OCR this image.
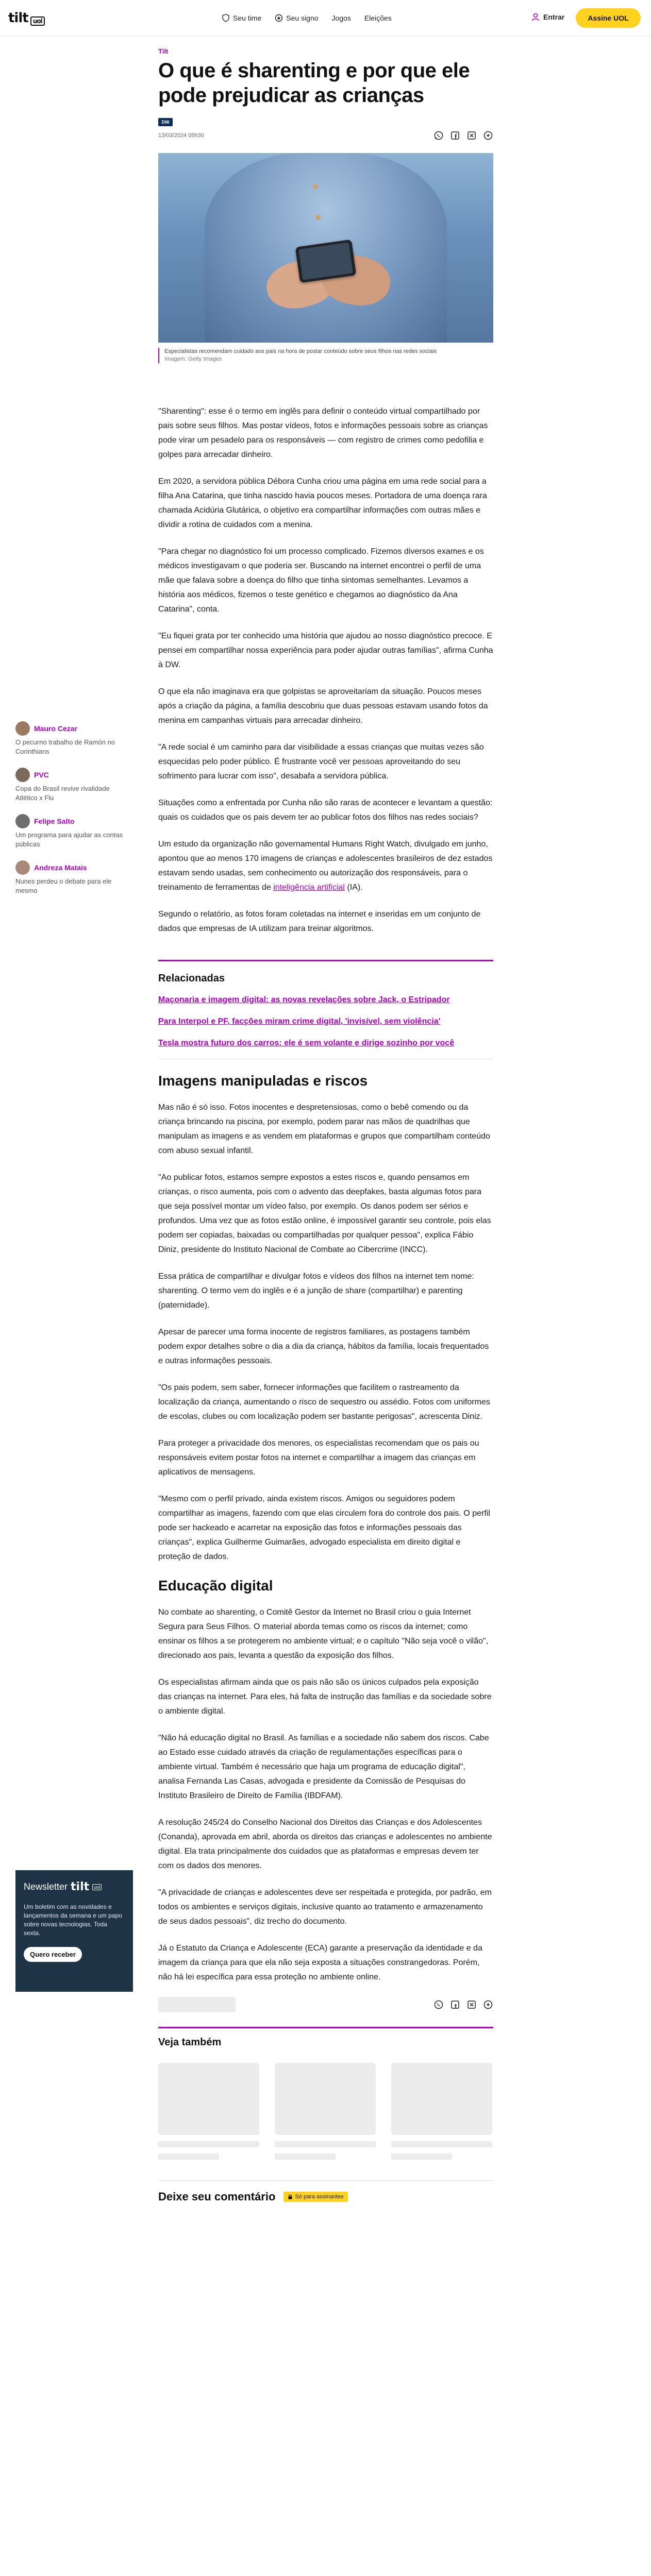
tilt uol	Seu time	Seu signo Jogos Eleições	Entrar	Assine UOL
Mauro Cezar
O pecurno trabalho de Ramón no Corinthians
PVC
Copa do Brasil revive rivalidade Atlético x Flu
Felipe Salto
Um programa para ajudar as contas públicas
Andreza Matais
Nunes perdeu o debate para ele mesmo
Newsletter tilt	uol
Um boletim com as novidades e lançamentos da semana e um papo sobre novas tecnologias. Toda sexta.
Quero receber
Tilt
O que é sharenting e por que ele pode prejudicar as crianças
DW
13/03/2024 05h30
Especialistas recomendam cuidado aos pais na hora de postar conteúdo sobre seus filhos nas redes sociais
Imagem: Getty Images

"Sharenting": esse é o termo em inglês para definir o conteúdo virtual compartilhado por pais sobre seus filhos. Mas postar vídeos, fotos e informações pessoais sobre as crianças pode virar um pesadelo para os responsáveis — com registro de crimes como pedofilia e golpes para arrecadar dinheiro.

Em 2020, a servidora pública Débora Cunha criou uma página em uma rede social para a filha Ana Catarina, que tinha nascido havia poucos meses. Portadora de uma doença rara chamada Acidúria Glutárica, o objetivo era compartilhar informações com outras mães e dividir a rotina de cuidados com a menina.

"Para chegar no diagnóstico foi um processo complicado. Fizemos diversos exames e os médicos investigavam o que poderia ser. Buscando na internet encontrei o perfil de uma mãe que falava sobre a doença do filho que tinha sintomas semelhantes. Levamos a história aos médicos, fizemos o teste genético e chegamos ao diagnóstico da Ana Catarina", conta.

"Eu fiquei grata por ter conhecido uma história que ajudou ao nosso diagnóstico precoce. E pensei em compartilhar nossa experiência para poder ajudar outras famílias", afirma Cunha à DW.

O que ela não imaginava era que golpistas se aproveitariam da situação. Poucos meses após a criação da página, a família descobriu que duas pessoas estavam usando fotos da menina em campanhas virtuais para arrecadar dinheiro.

"A rede social é um caminho para dar visibilidade a essas crianças que muitas vezes são esquecidas pelo poder público. É frustrante você ver pessoas aproveitando do seu sofrimento para lucrar com isso", desabafa a servidora pública.

Situações como a enfrentada por Cunha não são raras de acontecer e levantam a questão: quais os cuidados que os pais devem ter ao publicar fotos dos filhos nas redes sociais?

Um estudo da organização não governamental Humans Right Watch, divulgado em junho, apontou que ao menos 170 imagens de crianças e adolescentes brasileiros de dez estados estavam sendo usadas, sem conhecimento ou autorização dos responsáveis, para o treinamento de ferramentas de inteligência artificial (IA).

Segundo o relatório, as fotos foram coletadas na internet e inseridas em um conjunto de dados que empresas de IA utilizam para treinar algoritmos.

Relacionadas
Maçonaria e imagem digital: as novas revelações sobre Jack, o Estripador
Para Interpol e PF, facções miram crime digital, 'invisível, sem violência'
Tesla mostra futuro dos carros: ele é sem volante e dirige sozinho por você
Imagens manipuladas e riscos

Mas não é só isso. Fotos inocentes e despretensiosas, como o bebê comendo ou da criança brincando na piscina, por exemplo, podem parar nas mãos de quadrilhas que manipulam as imagens e as vendem em plataformas e grupos que compartilham conteúdo com abuso sexual infantil.

"Ao publicar fotos, estamos sempre expostos a estes riscos e, quando pensamos em crianças, o risco aumenta, pois com o advento das deepfakes, basta algumas fotos para que seja possível montar um vídeo falso, por exemplo. Os danos podem ser sérios e profundos. Uma vez que as fotos estão online, é impossível garantir seu controle, pois elas podem ser copiadas, baixadas ou compartilhadas por qualquer pessoa", explica Fábio Diniz, presidente do Instituto Nacional de Combate ao Cibercrime (INCC).

Essa prática de compartilhar e divulgar fotos e vídeos dos filhos na internet tem nome: sharenting. O termo vem do inglês e é a junção de share (compartilhar) e parenting (paternidade).

Apesar de parecer uma forma inocente de registros familiares, as postagens também podem expor detalhes sobre o dia a dia da criança, hábitos da família, locais frequentados e outras informações pessoais.

"Os pais podem, sem saber, fornecer informações que facilitem o rastreamento da localização da criança, aumentando o risco de sequestro ou assédio. Fotos com uniformes de escolas, clubes ou com localização podem ser bastante perigosas", acrescenta Diniz.

Para proteger a privacidade dos menores, os especialistas recomendam que os pais ou responsáveis evitem postar fotos na internet e compartilhar a imagem das crianças em aplicativos de mensagens.

"Mesmo com o perfil privado, ainda existem riscos. Amigos ou seguidores podem compartilhar as imagens, fazendo com que elas circulem fora do controle dos pais. O perfil pode ser hackeado e acarretar na exposição das fotos e informações pessoais das crianças", explica Guilherme Guimarães, advogado especialista em direito digital e proteção de dados.

Educação digital

No combate ao sharenting, o Comitê Gestor da Internet no Brasil criou o guia Internet Segura para Seus Filhos. O material aborda temas como os riscos da internet; como ensinar os filhos a se protegerem no ambiente virtual; e o capítulo "Não seja você o vilão", direcionado aos pais, levanta a questão da exposição dos filhos.

Os especialistas afirmam ainda que os pais não são os únicos culpados pela exposição das crianças na internet. Para eles, há falta de instrução das famílias e da sociedade sobre o ambiente digital.

"Não há educação digital no Brasil. As famílias e a sociedade não sabem dos riscos. Cabe ao Estado esse cuidado através da criação de regulamentações específicas para o ambiente virtual. Também é necessário que haja um programa de educação digital", analisa Fernanda Las Casas, advogada e presidente da Comissão de Pesquisas do Instituto Brasileiro de Direito de Família (IBDFAM).

A resolução 245/24 do Conselho Nacional dos Direitos das Crianças e dos Adolescentes (Conanda), aprovada em abril, aborda os direitos das crianças e adolescentes no ambiente digital. Ela trata principalmente dos cuidados que as plataformas e empresas devem ter com os dados dos menores.

"A privacidade de crianças e adolescentes deve ser respeitada e protegida, por padrão, em todos os ambientes e serviços digitais, inclusive quanto ao tratamento e armazenamento de seus dados pessoais", diz trecho do documento.

Já o Estatuto da Criança e Adolescente (ECA) garante a preservação da identidade e da imagem da criança para que ela não seja exposta a situações constrangedoras. Porém, não há lei específica para essa proteção no ambiente online.

Veja também
Deixe seu comentário	Só para assinantes
